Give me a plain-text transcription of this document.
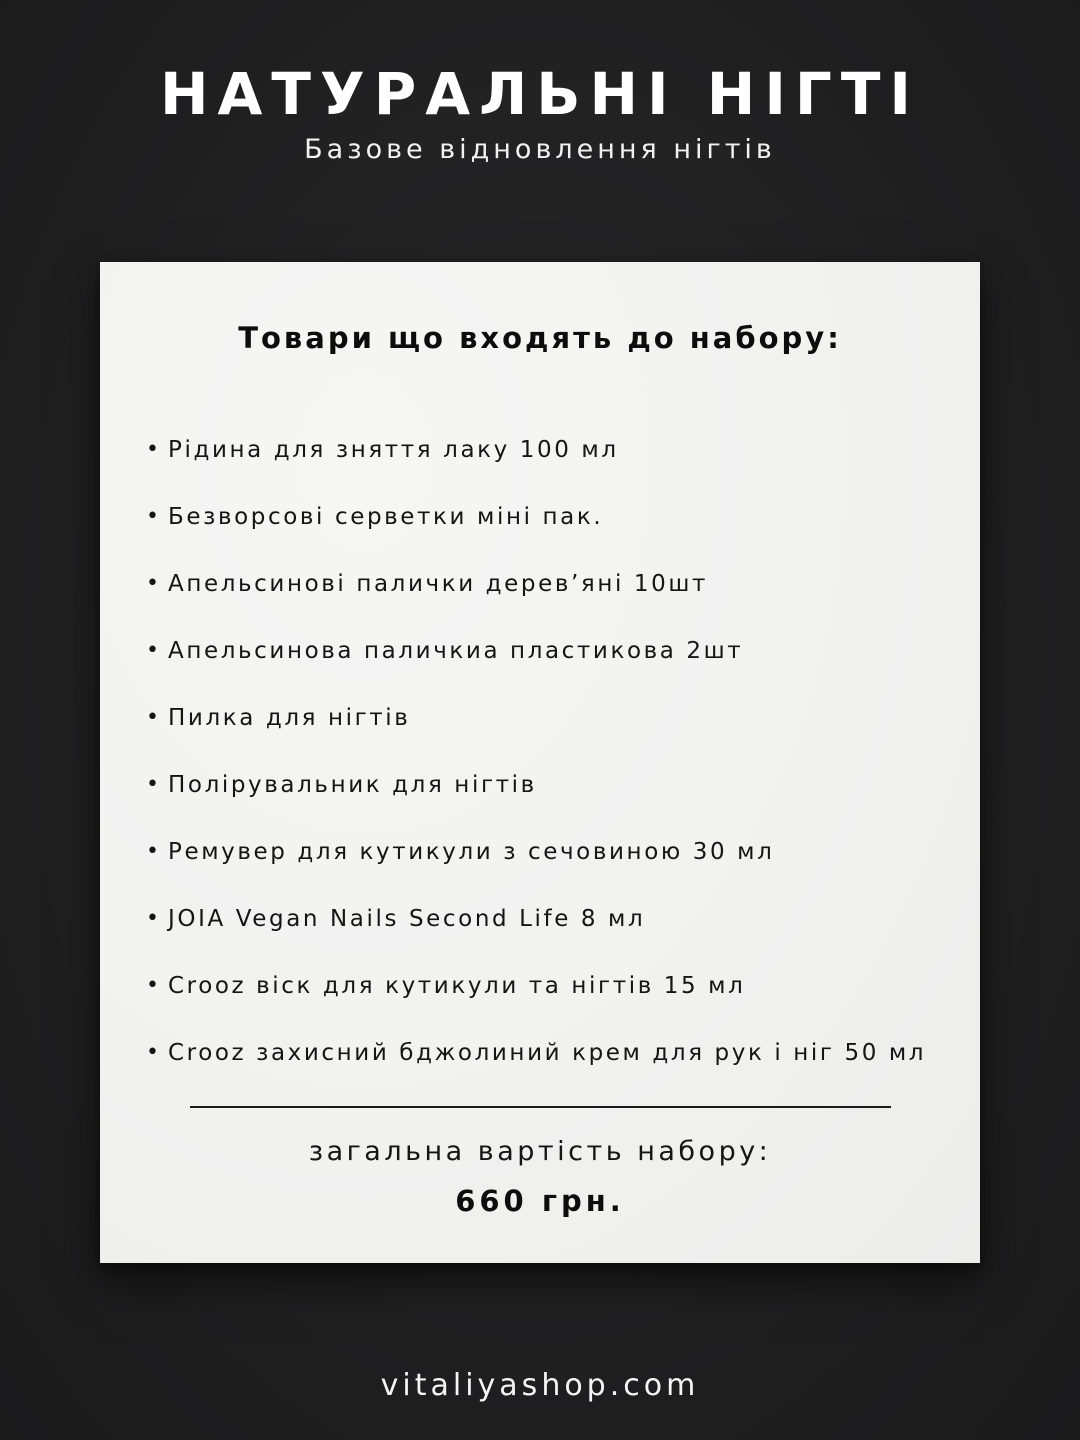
НАТУРАЛЬНІ НІГТІ

Базове відновлення нігтів

Товари що входять до набору:
• Рідина для зняття лаку 100 мл
• Безворсові серветки міні пак.
• Апельсинові палички дерев’яні 10шт
• Апельсинова паличкиа пластикова 2шт
• Пилка для нігтів
• Полірувальник для нігтів
• Ремувер для кутикули з сечовиною 30 мл
• JOIA Vegan Nails Second Life 8 мл
• Crooz віск для кутикули та нігтів 15 мл
• Crooz захисний бджолиний крем для рук і ніг 50 мл

загальна вартість набору:

660 грн.

vitaliyashop.com
